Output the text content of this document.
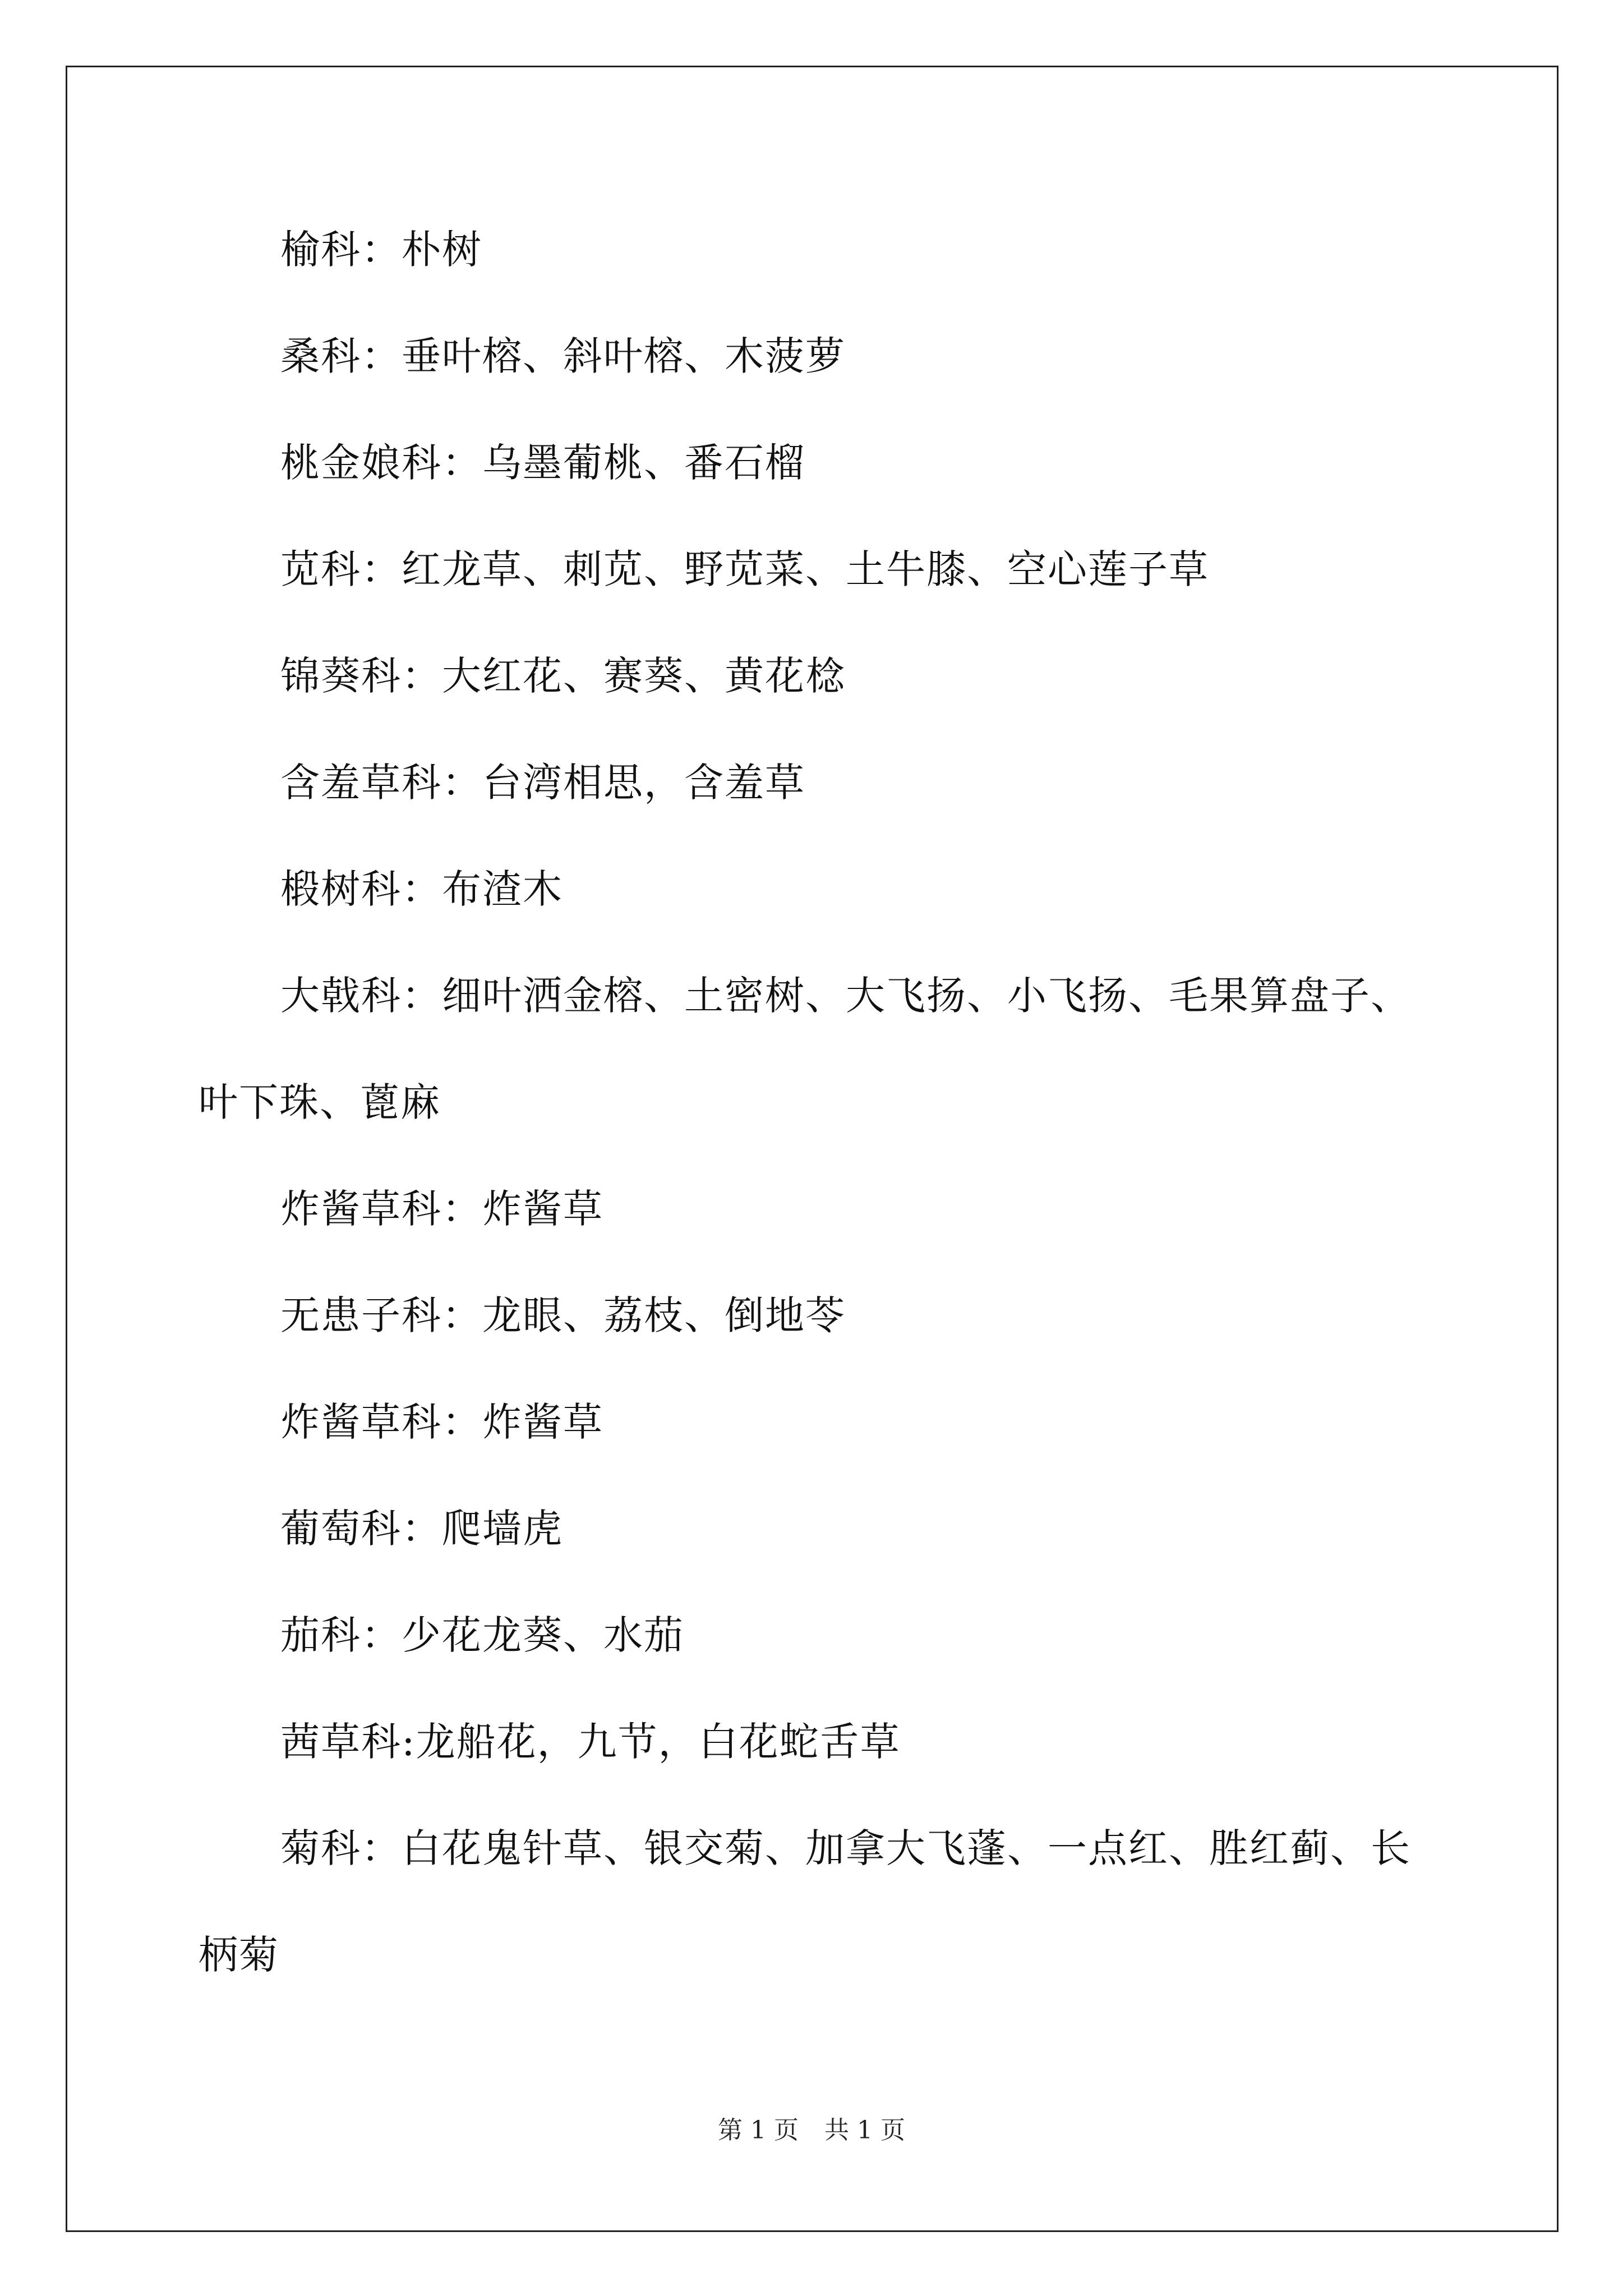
榆科：朴树
桑科：垂叶榕、斜叶榕、木菠萝
桃金娘科：乌墨葡桃、番石榴
苋科：红龙草、刺苋、野苋菜、土牛膝、空心莲子草
锦葵科：大红花、赛葵、黄花棯
含羞草科：台湾相思，含羞草
椴树科：布渣木
大戟科：细叶洒金榕、土密树、大飞扬、小飞扬、毛果算盘子、
叶下珠、蓖麻
炸酱草科：炸酱草
无患子科：龙眼、荔枝、倒地苓
炸酱草科：炸酱草
葡萄科：爬墙虎
茄科：少花龙葵、水茄
茜草科:龙船花，九节，白花蛇舌草
菊科：白花鬼针草、银交菊、加拿大飞蓬、一点红、胜红蓟、长
柄菊
第 1 页 共 1 页
